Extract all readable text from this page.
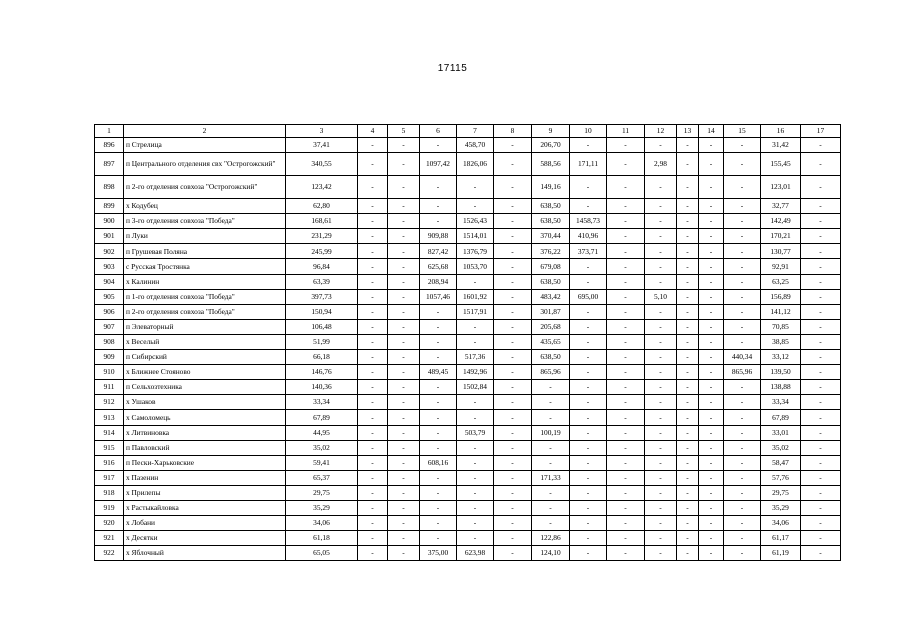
17115
1	2	3	4	5	6	7	8	9	10	11	12	13	14	15	16	17
896	п Стрелица	37,41	-	-	-	458,70	-	206,70	-	-	-	-	-	-	31,42	-
897	п Центрального отделения свх "Острогожский"	340,55	-	-	1097,42	1826,06	-	588,56	171,11	-	2,98	-	-	-	155,45	-
898	п 2-го отделения совхоза "Острогожский"	123,42	-	-	-	-	-	149,16	-	-	-	-	-	-	123,01	-
899	х Кодубец	62,80	-	-	-	-	-	638,50	-	-	-	-	-	-	32,77	-
900	п 3-го отделения совхоза "Победа"	168,61	-	-	-	1526,43	-	638,50	1458,73	-	-	-	-	-	142,49	-
901	п Луки	231,29	-	-	909,88	1514,01	-	370,44	410,96	-	-	-	-	-	170,21	-
902	п Грушевая Поляна	245,99	-	-	827,42	1376,79	-	376,22	373,71	-	-	-	-	-	130,77	-
903	с Русская Тростянка	96,84	-	-	625,68	1053,70	-	679,08	-	-	-	-	-	-	92,91	-
904	х Калинин	63,39	-	-	208,94	-	-	638,50	-	-	-	-	-	-	63,25	-
905	п 1-го отделения совхоза "Победа"	397,73	-	-	1057,46	1601,92	-	483,42	695,00	-	5,10	-	-	-	156,89	-
906	п 2-го отделения совхоза "Победа"	150,94	-	-	-	1517,91	-	301,87	-	-	-	-	-	-	141,12	-
907	п Элеваторный	106,48	-	-	-	-	-	205,68	-	-	-	-	-	-	70,85	-
908	х Веселый	51,99	-	-	-	-	-	435,65	-	-	-	-	-	-	38,85	-
909	п Сибирский	66,18	-	-	-	517,36	-	638,50	-	-	-	-	-	440,34	33,12	-
910	х Ближнее Стояново	146,76	-	-	489,45	1492,96	-	865,96	-	-	-	-	-	865,96	139,50	-
911	п Сельхозтехника	140,36	-	-	-	1502,84	-	-	-	-	-	-	-	-	138,88	-
912	х Ушаков	33,34	-	-	-	-	-	-	-	-	-	-	-	-	33,34	-
913	х Самоломець	67,89	-	-	-	-	-	-	-	-	-	-	-	-	67,89	-
914	х Литвиновка	44,95	-	-	-	503,79	-	100,19	-	-	-	-	-	-	33,01	-
915	п Павловский	35,02	-	-	-	-	-	-	-	-	-	-	-	-	35,02	-
916	п Пески-Харьковские	59,41	-	-	608,16	-	-	-	-	-	-	-	-	-	58,47	-
917	х Пазенин	65,37	-	-	-	-	-	171,33	-	-	-	-	-	-	57,76	-
918	х Прилепы	29,75	-	-	-	-	-	-	-	-	-	-	-	-	29,75	-
919	х Растыкайловка	35,29	-	-	-	-	-	-	-	-	-	-	-	-	35,29	-
920	х Лобани	34,06	-	-	-	-	-	-	-	-	-	-	-	-	34,06	-
921	х Десятки	61,18	-	-	-	-	-	122,86	-	-	-	-	-	-	61,17	-
922	х Яблочный	65,05	-	-	375,00	623,98	-	124,10	-	-	-	-	-	-	61,19	-
